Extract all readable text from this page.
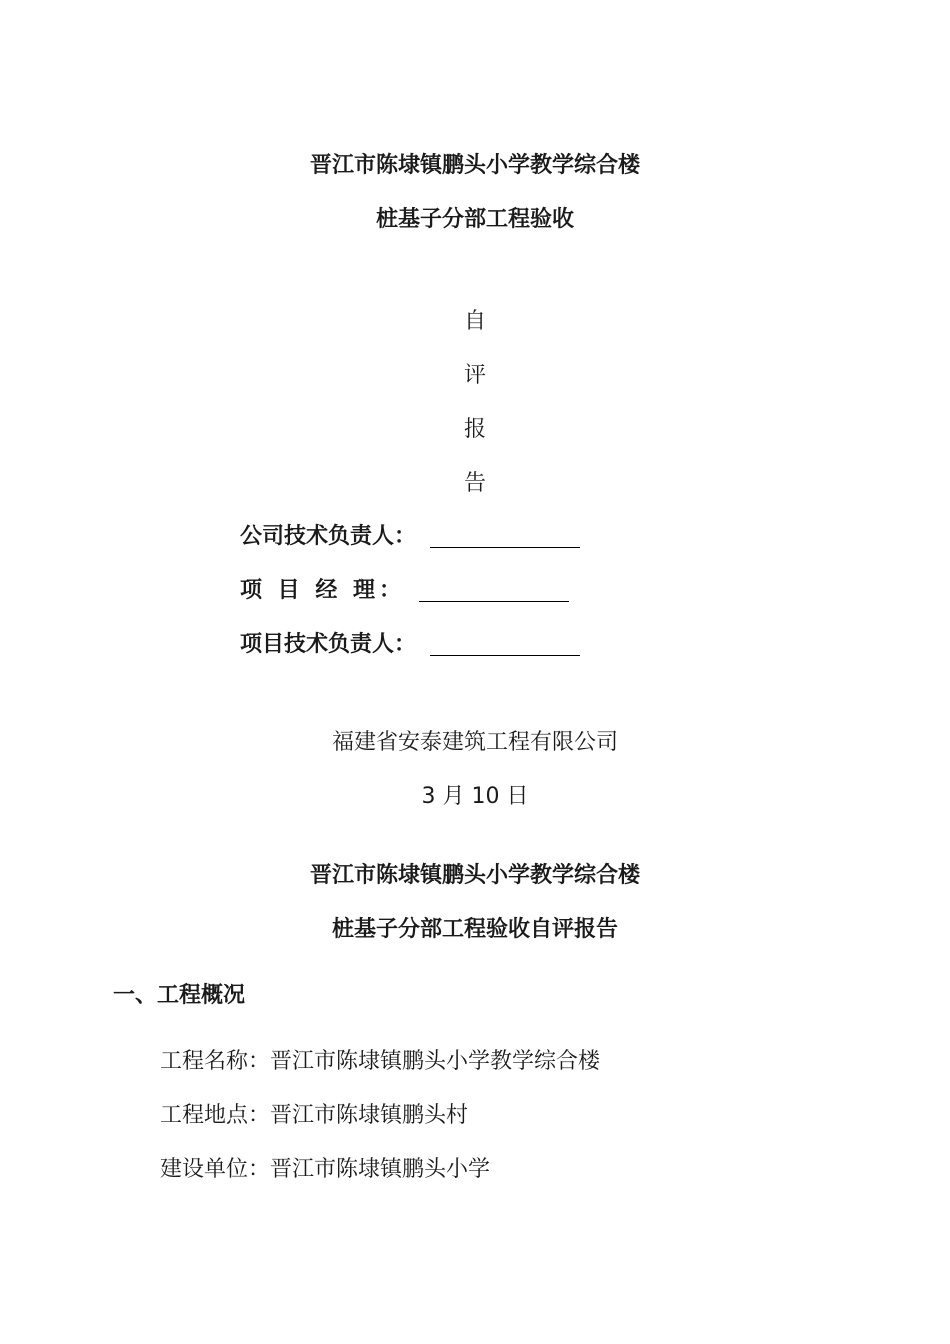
晋江市陈埭镇鹏头小学教学综合楼
桩基子分部工程验收
自
评
报
告
公司技术负责人：
项 目 经 理：
项目技术负责人：
福建省安泰建筑工程有限公司
3 月 10 日
晋江市陈埭镇鹏头小学教学综合楼
桩基子分部工程验收自评报告
一、工程概况
工程名称：晋江市陈埭镇鹏头小学教学综合楼
工程地点：晋江市陈埭镇鹏头村
建设单位：晋江市陈埭镇鹏头小学
